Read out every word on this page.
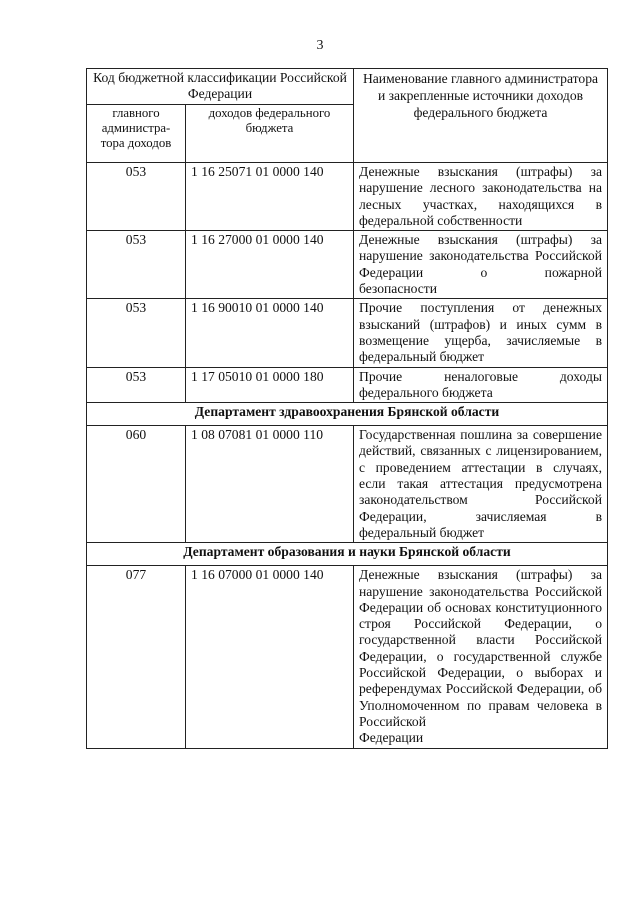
3
Код бюджетной классификации Российской Федерации		Наименование главного администратора и закрепленные источники доходов федерального бюджета
главного администра-тора доходов	доходов федерального бюджета	
053	1 16 25071 01 0000 140	Денежные взыскания (штрафы) за нарушение лесного законодательства на лесных участках, находящихся в
федеральной собственности

053	1 16 27000 01 0000 140	Денежные взыскания (штрафы) за нарушение законодательства Российской Федерации о пожарной
безопасности

053	1 16 90010 01 0000 140	Прочие поступления от денежных взысканий (штрафов) и иных сумм в возмещение ущерба, зачисляемые в
федеральный бюджет

053	1 17 05010 01 0000 180	Прочие неналоговые доходы
федерального бюджета

Департамент здравоохранения Брянской области		
060	1 08 07081 01 0000 110	Государственная пошлина за совершение действий, связанных с лицензированием, с проведением аттестации в случаях, если такая аттестация предусмотрена законодательством Российской Федерации, зачисляемая в
федеральный бюджет

Департамент образования и науки Брянской области		
077	1 16 07000 01 0000 140	Денежные взыскания (штрафы) за нарушение законодательства Российской Федерации об основах конституционного строя Российской Федерации, о государственной власти Российской Федерации, о государственной службе Российской Федерации, о выборах и референдумах Российской Федерации, об Уполномоченном по правам человека в Российской
Федерации
